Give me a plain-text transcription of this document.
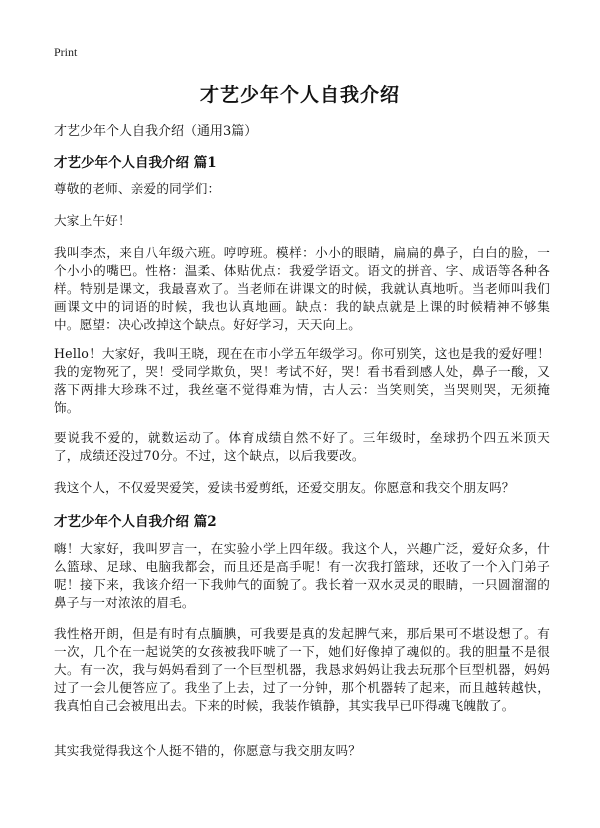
Print
才艺少年个人自我介绍

才艺少年个人自我介绍（通用3篇）

才艺少年个人自我介绍 篇1

尊敬的老师、亲爱的同学们：

大家上午好！

我叫李杰，来自八年级六班。哼哼班。模样：小小的眼睛，扁扁的鼻子，白白的脸，一个小小的嘴巴。性格：温柔、体贴优点：我爱学语文。语文的拼音、字、成语等各种各样。特别是课文，我最喜欢了。当老师在讲课文的时候，我就认真地听。当老师叫我们画课文中的词语的时候，我也认真地画。缺点：我的缺点就是上课的时候精神不够集中。愿望：决心改掉这个缺点。好好学习，天天向上。

Hello！大家好，我叫王晓，现在在市小学五年级学习。你可别笑，这也是我的爱好哩！我的宠物死了，哭！受同学欺负，哭！考试不好，哭！看书看到感人处，鼻子一酸，又落下两排大珍珠不过，我丝毫不觉得难为情，古人云：当笑则笑，当哭则哭，无须掩饰。

要说我不爱的，就数运动了。体育成绩自然不好了。三年级时，垒球扔个四五米顶天了，成绩还没过70分。不过，这个缺点，以后我要改。

我这个人，不仅爱哭爱笑，爱读书爱剪纸，还爱交朋友。你愿意和我交个朋友吗？

才艺少年个人自我介绍 篇2

嗨！大家好，我叫罗言一，在实验小学上四年级。我这个人，兴趣广泛，爱好众多，什么篮球、足球、电脑我都会，而且还是高手呢！有一次我打篮球，还收了一个入门弟子呢！接下来，我该介绍一下我帅气的面貌了。我长着一双水灵灵的眼睛，一只圆溜溜的鼻子与一对浓浓的眉毛。

我性格开朗，但是有时有点腼腆，可我要是真的发起脾气来，那后果可不堪设想了。有一次，几个在一起说笑的女孩被我吓唬了一下，她们好像掉了魂似的。我的胆量不是很大。有一次，我与妈妈看到了一个巨型机器，我恳求妈妈让我去玩那个巨型机器，妈妈过了一会儿便答应了。我坐了上去，过了一分钟，那个机器转了起来，而且越转越快，我真怕自己会被甩出去。下来的时候，我装作镇静，其实我早已吓得魂飞魄散了。

其实我觉得我这个人挺不错的，你愿意与我交朋友吗？
